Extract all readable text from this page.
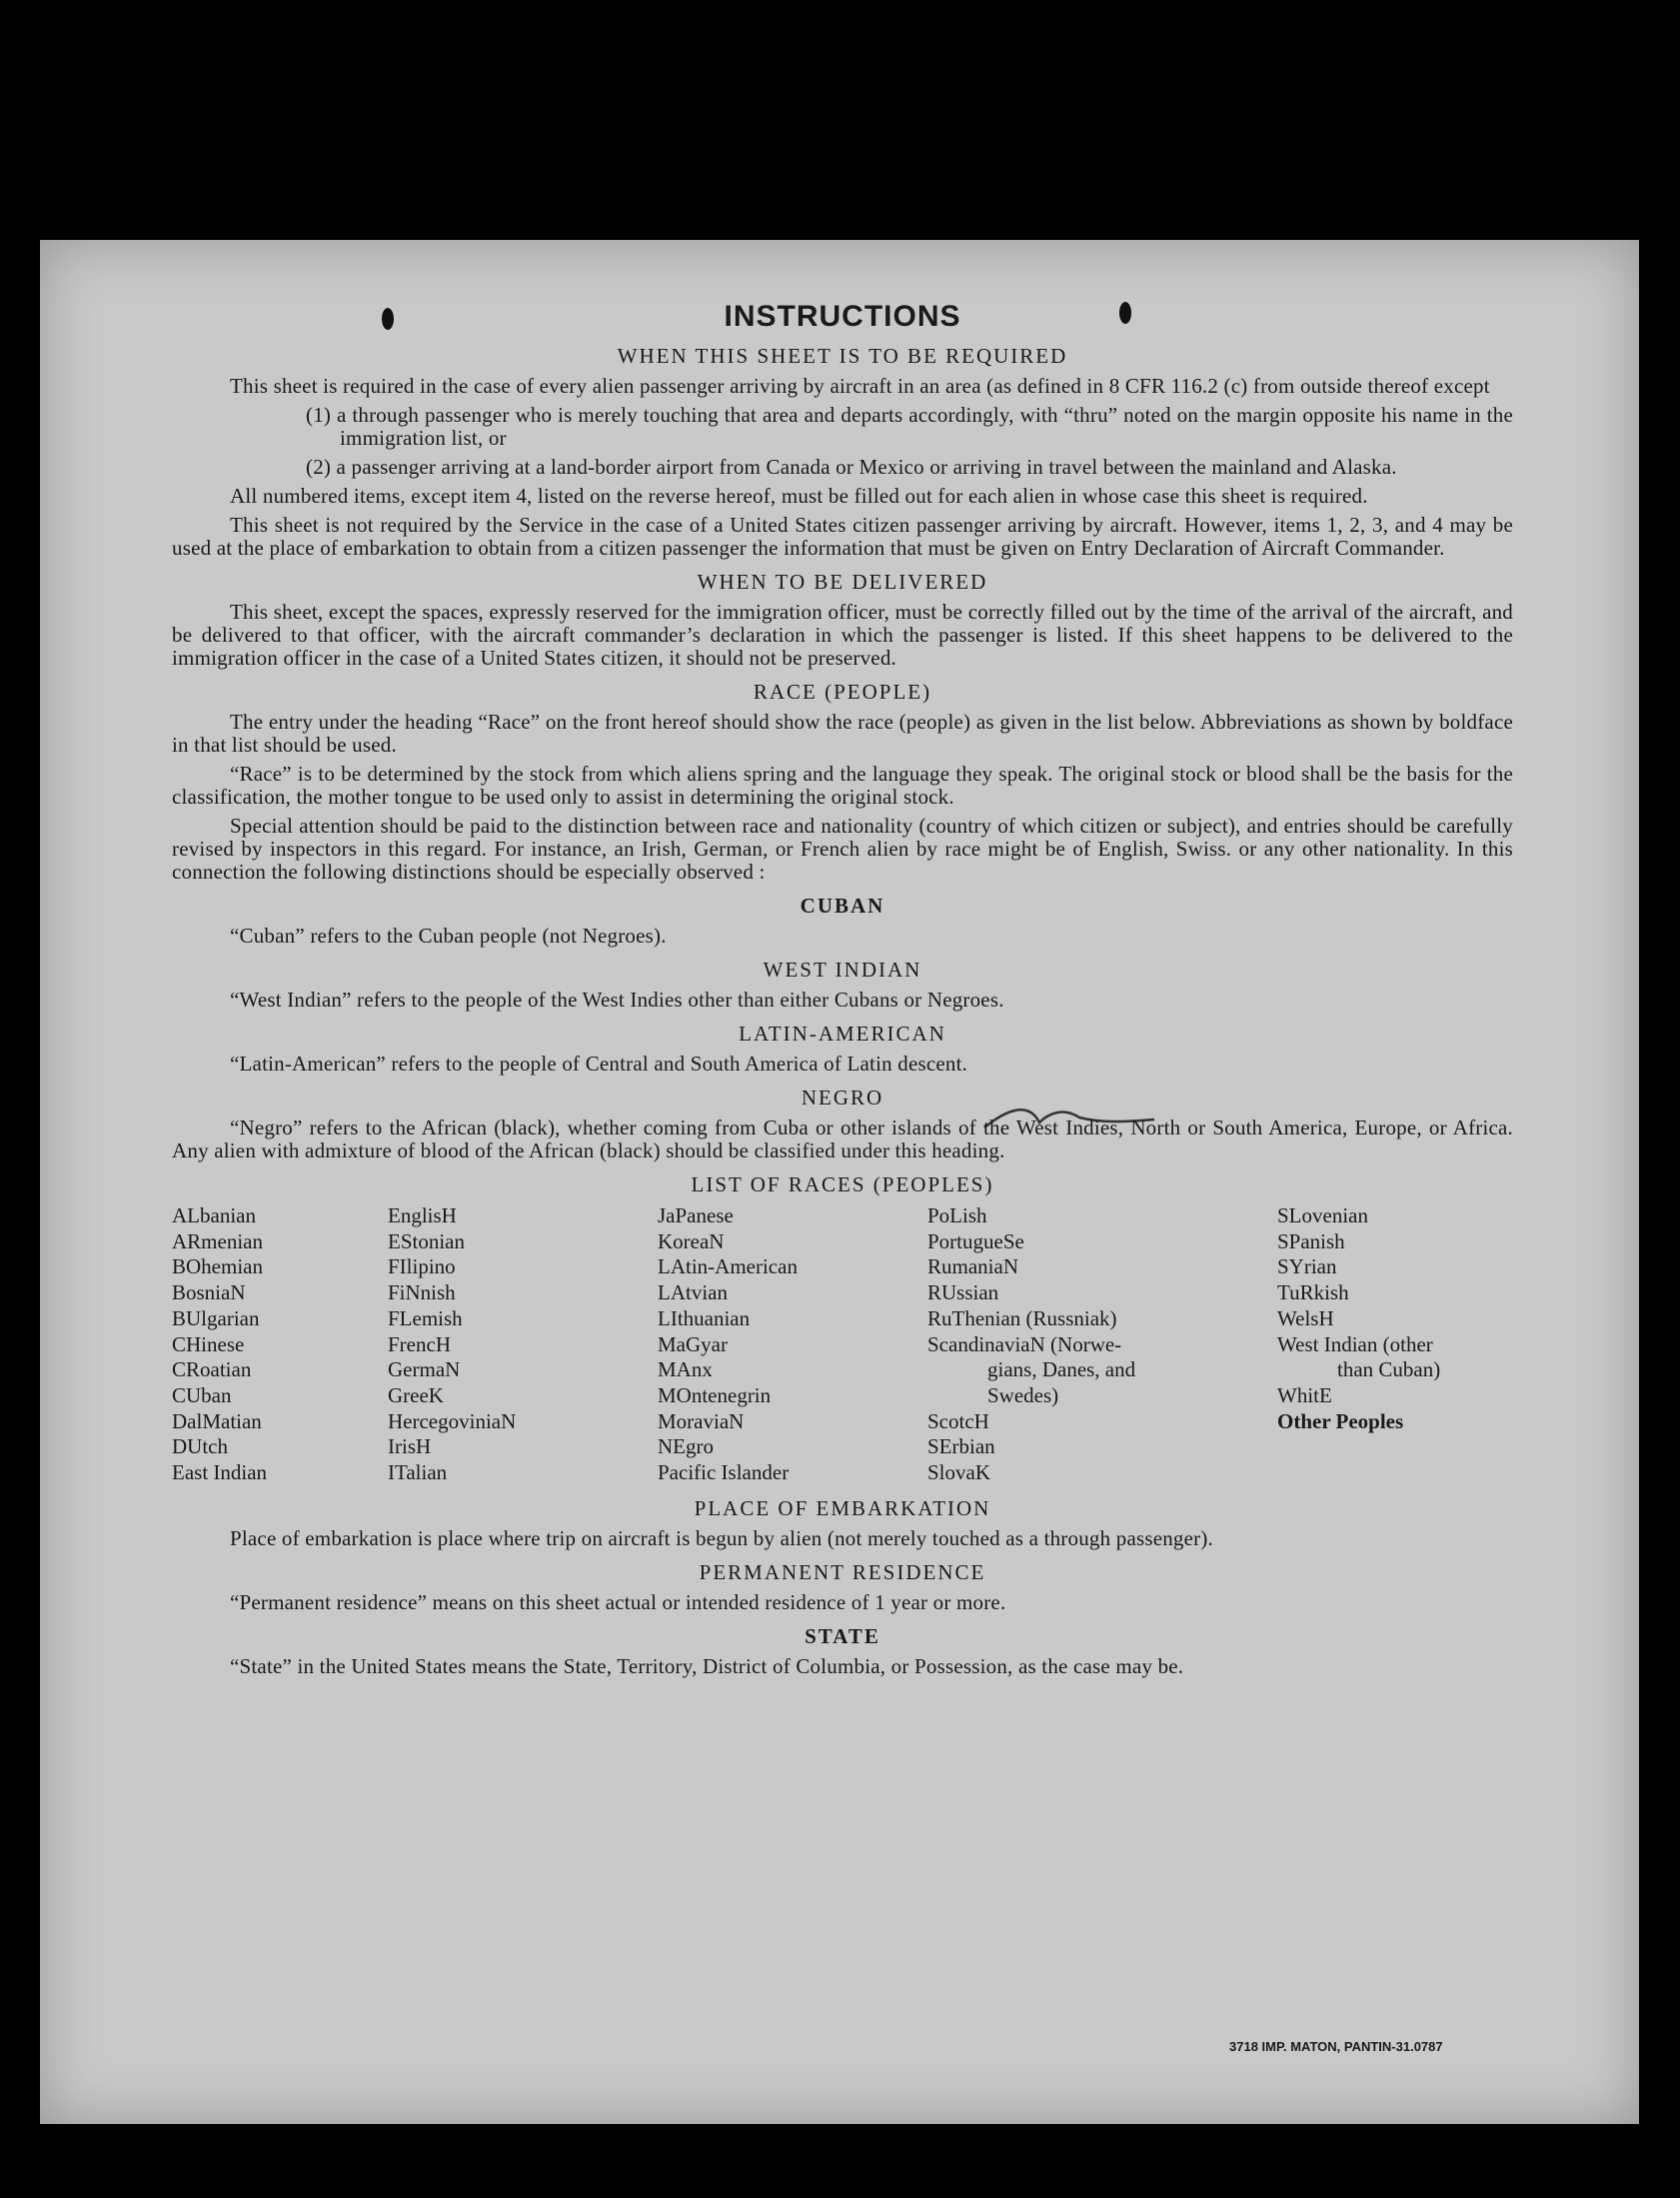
INSTRUCTIONS
WHEN THIS SHEET IS TO BE REQUIRED

This sheet is required in the case of every alien passenger arriving by aircraft in an area (as defined in 8 CFR 116.2 (c) from outside thereof except

(1) a through passenger who is merely touching that area and departs accordingly, with “thru” noted on the margin opposite his name in the immigration list, or

(2) a passenger arriving at a land-border airport from Canada or Mexico or arriving in travel between the mainland and Alaska.

All numbered items, except item 4, listed on the reverse hereof, must be filled out for each alien in whose case this sheet is required.

This sheet is not required by the Service in the case of a United States citizen passenger arriving by aircraft. However, items 1, 2, 3, and 4 may be used at the place of embarkation to obtain from a citizen passenger the information that must be given on Entry Declaration of Aircraft Commander.

WHEN TO BE DELIVERED

This sheet, except the spaces, expressly reserved for the immigration officer, must be correctly filled out by the time of the arrival of the aircraft, and be delivered to that officer, with the aircraft commander’s declaration in which the passenger is listed. If this sheet happens to be delivered to the immigration officer in the case of a United States citizen, it should not be preserved.

RACE (PEOPLE)

The entry under the heading “Race” on the front hereof should show the race (people) as given in the list below. Abbreviations as shown by boldface in that list should be used.

“Race” is to be determined by the stock from which aliens spring and the language they speak. The original stock or blood shall be the basis for the classification, the mother tongue to be used only to assist in determining the original stock.

Special attention should be paid to the distinction between race and nationality (country of which citizen or subject), and entries should be carefully revised by inspectors in this regard. For instance, an Irish, German, or French alien by race might be of English, Swiss. or any other nationality. In this connection the following distinctions should be especially observed :

CUBAN

“Cuban” refers to the Cuban people (not Negroes).

WEST INDIAN

“West Indian” refers to the people of the West Indies other than either Cubans or Negroes.

LATIN-AMERICAN

“Latin-American” refers to the people of Central and South America of Latin descent.

NEGRO

“Negro” refers to the African (black), whether coming from Cuba or other islands of the West Indies, North or South America, Europe, or Africa. Any alien with admixture of blood of the African (black) should be classified under this heading.

LIST OF RACES (PEOPLES)
ALbanian
ARmenian
BOhemian
BosniaN
BUlgarian
CHinese
CRoatian
CUban
DalMatian
DUtch
East Indian
EnglisH
EStonian
FIlipino
FiNnish
FLemish
FrencH
GermaN
GreeK
HercegoviniaN
IrisH
ITalian
JaPanese
KoreaN
LAtin-American
LAtvian
LIthuanian
MaGyar
MAnx
MOntenegrin
MoraviaN
NEgro
Pacific Islander
PoLish
PortugueSe
RumaniaN
RUssian
RuThenian (Russniak)
ScandinaviaN (Norwe-
gians, Danes, and
Swedes)
ScotcH
SErbian
SlovaK
SLovenian
SPanish
SYrian
TuRkish
WelsH
West Indian (other
than Cuban)
WhitE
Other Peoples
PLACE OF EMBARKATION

Place of embarkation is place where trip on aircraft is begun by alien (not merely touched as a through passenger).

PERMANENT RESIDENCE

“Permanent residence” means on this sheet actual or intended residence of 1 year or more.

STATE

“State” in the United States means the State, Territory, District of Columbia, or Possession, as the case may be.

3718 IMP. MATON, PANTIN-31.0787
